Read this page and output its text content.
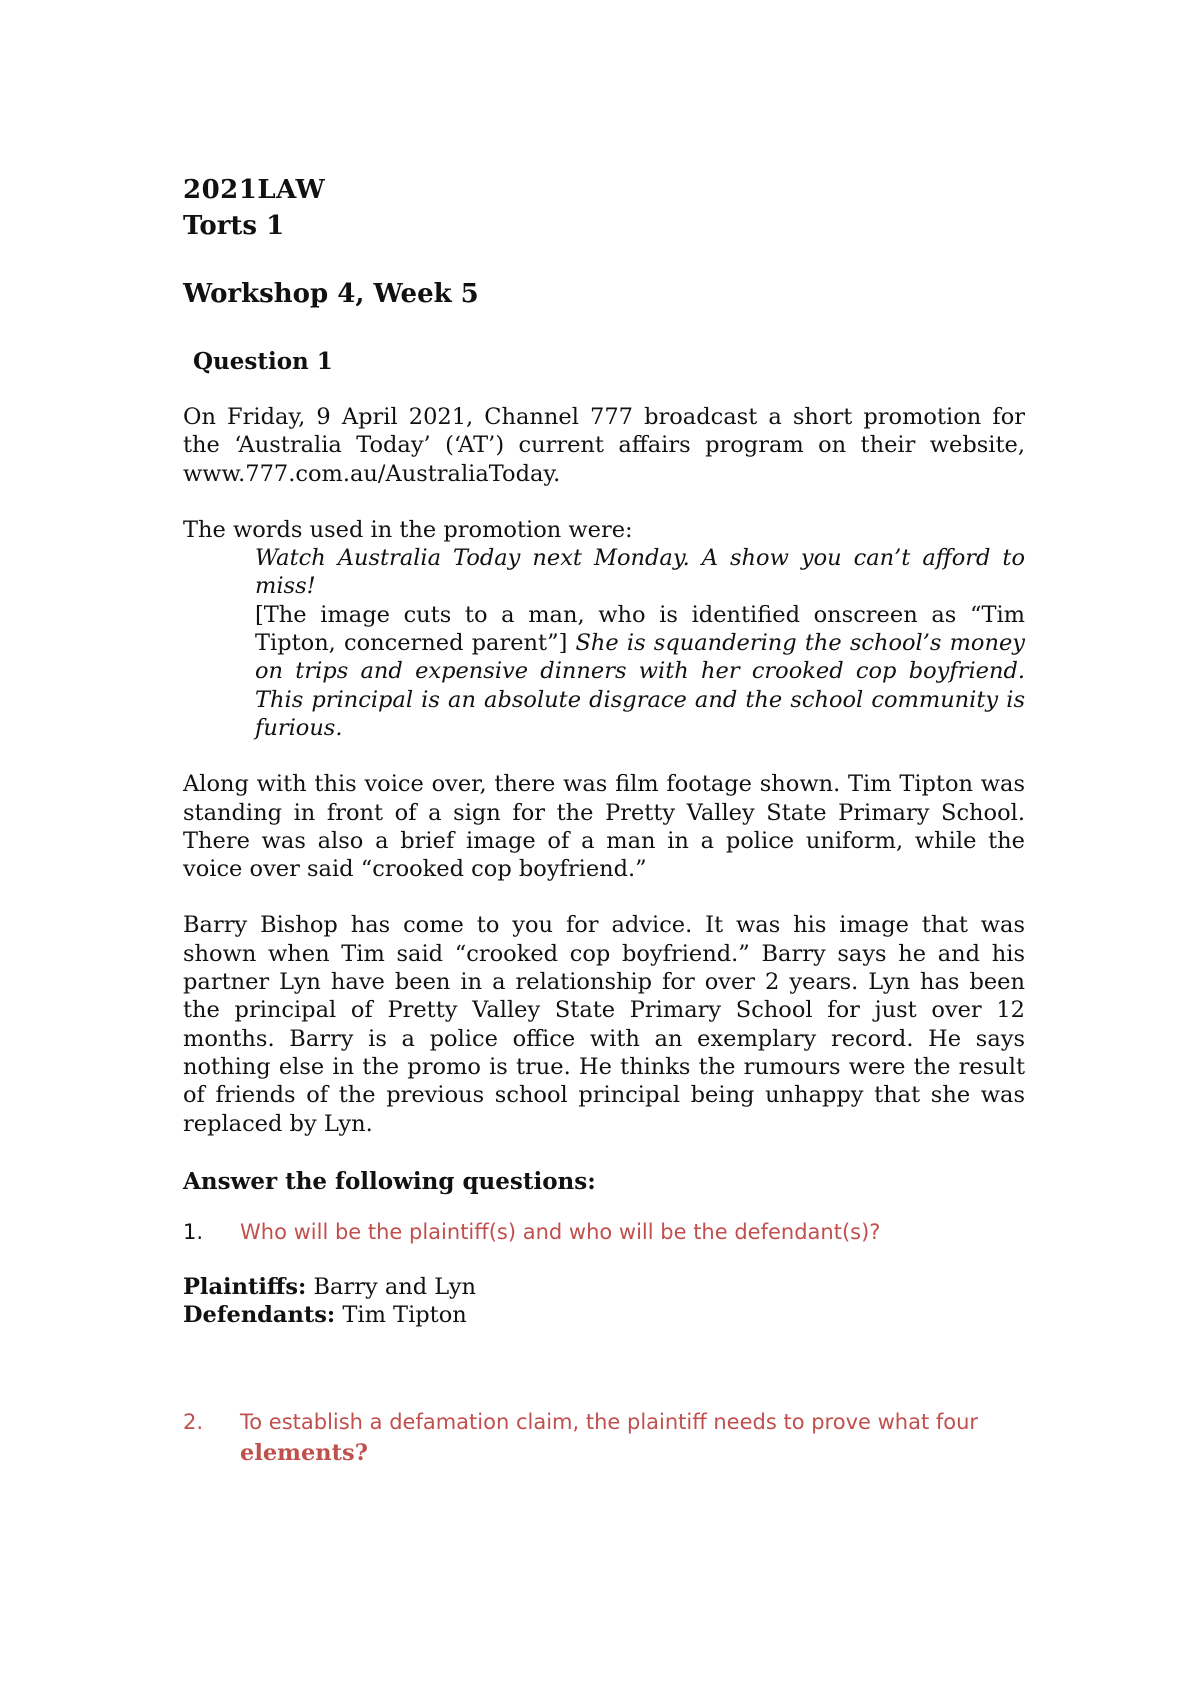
2021LAW
Torts 1
Workshop 4, Week 5
Question 1

On Friday, 9 April 2021, Channel 777 broadcast a short promotion for the ‘Australia Today’ (‘AT’) current affairs program on their website, www.777.com.au/AustraliaToday.

The words used in the promotion were:

Watch Australia Today next Monday. A show you can’t afford to miss!
[The image cuts to a man, who is identified onscreen as “Tim Tipton, concerned parent”] She is squandering the school’s money on trips and expensive dinners with her crooked cop boyfriend. This principal is an absolute disgrace and the school community is furious.

Along with this voice over, there was film footage shown. Tim Tipton was standing in front of a sign for the Pretty Valley State Primary School. There was also a brief image of a man in a police uniform, while the voice over said “crooked cop boyfriend.”

Barry Bishop has come to you for advice. It was his image that was shown when Tim said “crooked cop boyfriend.” Barry says he and his partner Lyn have been in a relationship for over 2 years. Lyn has been the principal of Pretty Valley State Primary School for just over 12 months. Barry is a police office with an exemplary record. He says nothing else in the promo is true. He thinks the rumours were the result of friends of the previous school principal being unhappy that she was replaced by Lyn.

Answer the following questions:
1. Who will be the plaintiff(s) and who will be the defendant(s)?
Plaintiffs: Barry and Lyn
Defendants: Tim Tipton
2. To establish a defamation claim, the plaintiff needs to prove what four
elements?
